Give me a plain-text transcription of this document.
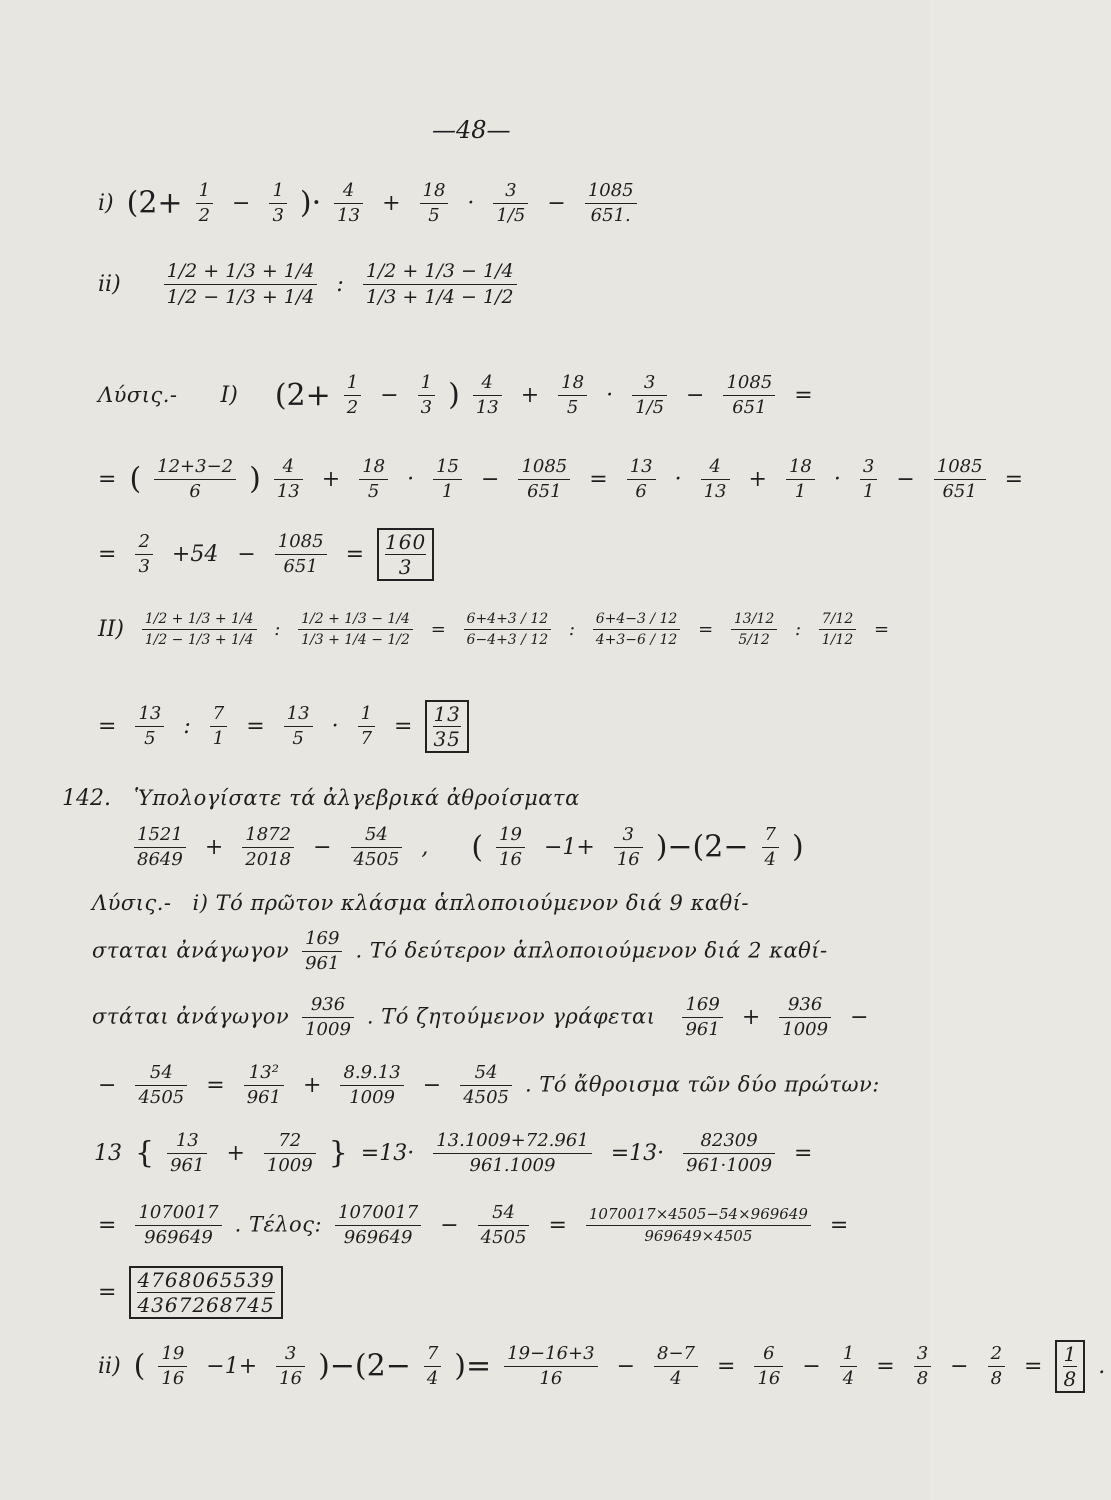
—48—
i) ($2+ \frac{1}{2} - \frac{1}{3}$ )· $\frac{4}{13} + \frac{18}{5} \cdot \frac{3}{1/5} - \frac{1085}{651.}$
$ii) \frac{1/2 + 1/3 + 1/4}{1/2 - 1/3 + 1/4}$ : $\frac{1/2 + 1/3 - 1/4}{1/3 + 1/4 - 1/2}$
Λύσις.- I) ($2+ \frac{1}{2} - \frac{1}{3}$ ) $\frac{4}{13} + \frac{18}{5} \cdot \frac{3}{1/5} - \frac{1085}{651}$ =
= ( $\frac{12+3-2}{6}$ ) $\frac{4}{13} + \frac{18}{5} \cdot \frac{15}{1} - \frac{1085}{651} = \frac{13}{6} \cdot \frac{4}{13} + \frac{18}{1} \cdot \frac{3}{1} - \frac{1085}{651}$ =
= $\frac{2}{3} +54 - \frac{1085}{651} = \frac{160}{3}$
$II) \frac{1/2 + 1/3 + 1/4}{1/2 - 1/3 + 1/4}$ : $\frac{1/2 + 1/3 - 1/4}{1/3 + 1/4 - 1/2} = \frac{6+4+3 / 12}{6-4+3 / 12}$ : $\frac{6+4-3 / 12}{4+3-6 / 12} = \frac{13/12}{5/12}$ : $\frac{7/12}{1/12}$ =
= $\frac{13}{5}$ : $\frac{7}{1} = \frac{13}{5} \cdot \frac{1}{7} = \frac{13}{35}$
142. Ὑπολογίσατε τά ἀλγεβρικά ἀθροίσματα
$\frac{1521}{8649} + \frac{1872}{2018} - \frac{54}{4505}$ , ( $\frac{19}{16} -1+ \frac{3}{16} )-(2- \frac{7}{4}$ )
Λύσις.- i) Τό πρῶτον κλάσμα ἁπλοποιούμενον διά 9 καθί-
σταται ἀνάγωγον $\frac{169}{961}$ . Τό δεύτερον ἁπλοποιούμενον διά 2 καθί-
στάται ἀνάγωγον $\frac{936}{1009}$ . Τό ζητούμενον γράφεται $\frac{169}{961} + \frac{936}{1009}$ −
− $\frac{54}{4505} = \frac{\text{13²}}{961} + \frac{8.9.13}{1009} - \frac{54}{4505}$ . Τό ἄθροισμα τῶν δύο πρώτων:
13 { $\frac{13}{961} + \frac{72}{1009}$ } $=13\cdot \frac{13.1009+72.961}{961.1009} =13\cdot \frac{82309}{961\cdot 1009}$ =
= $\frac{1070017}{969649}$ . Τέλος: $\frac{1070017}{969649} - \frac{54}{4505} = \frac{1070017\times 4505-54\times 969649}{969649\times 4505}$ =
= $\frac{4768065539}{4367268745}$
ii) ( $\frac{19}{16} -1+ \frac{3}{16} )-(2- \frac{7}{4}$ )= $\frac{19-16+3}{16} - \frac{8-7}{4} = \frac{6}{16} - \frac{1}{4} = \frac{3}{8} - \frac{2}{8} = \frac{1}{8}$ .
